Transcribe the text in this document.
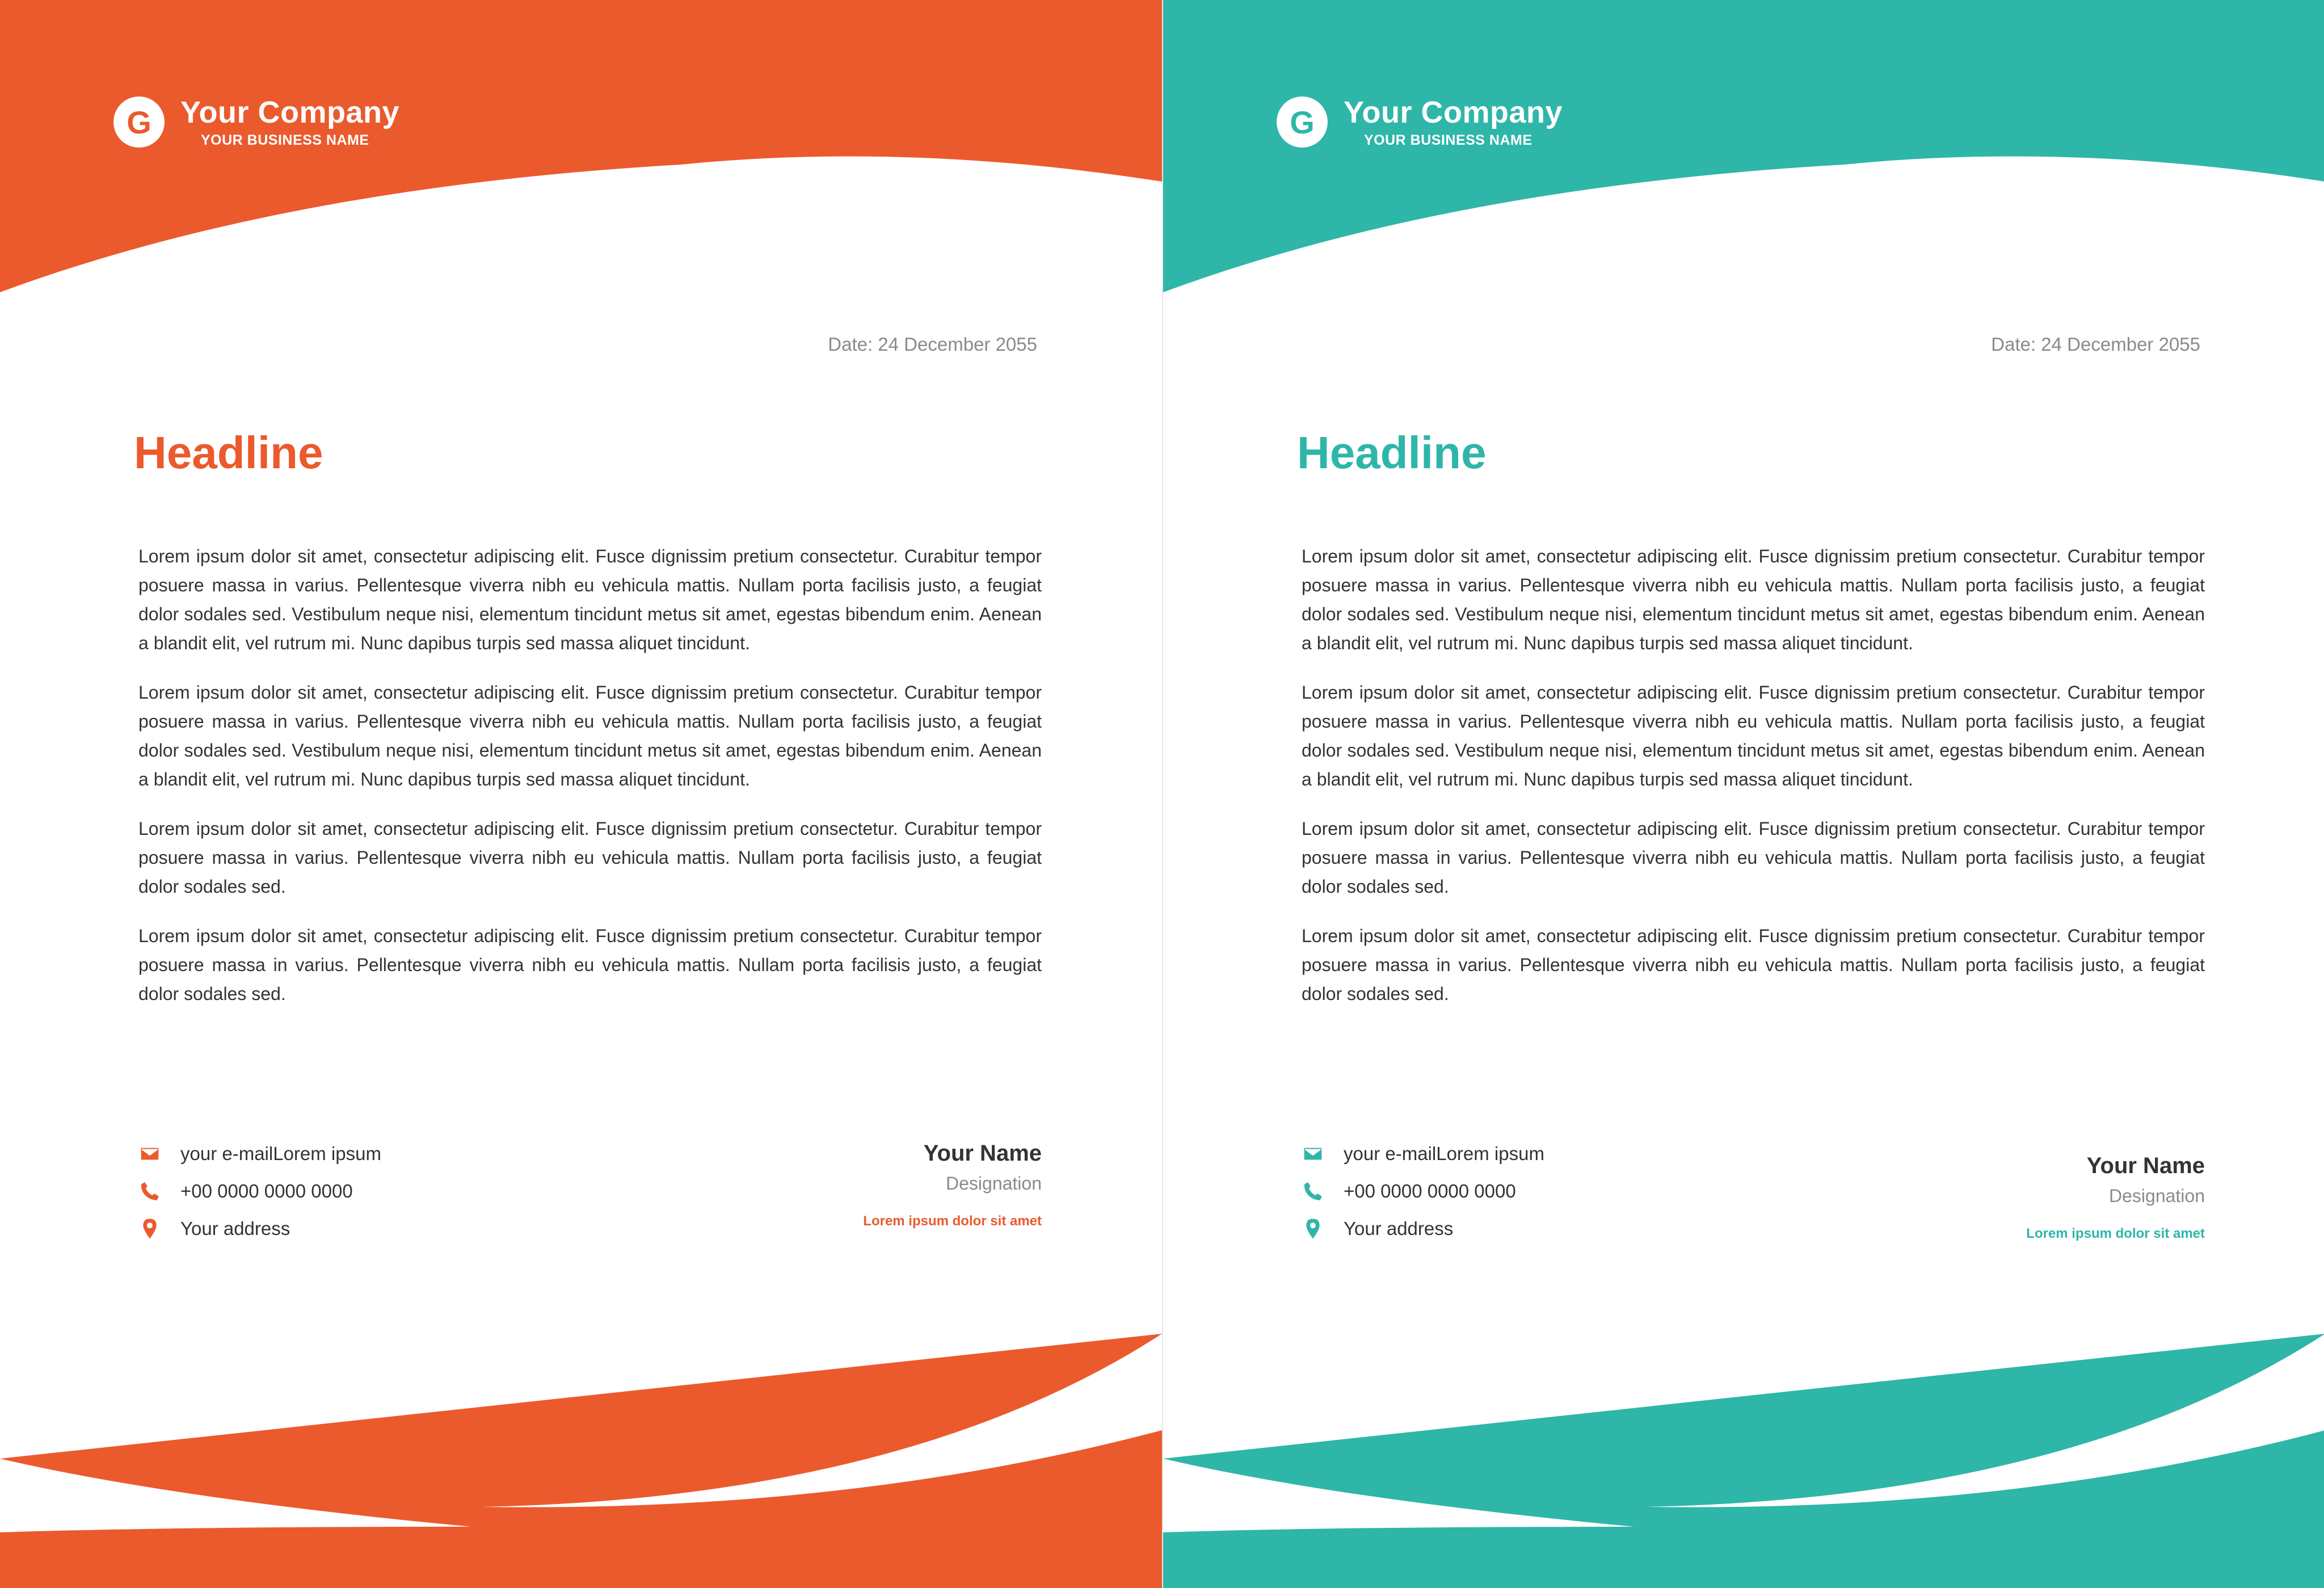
G Your Company
YOUR BUSINESS NAME
Date: 24 December 2055
Headline

Lorem ipsum dolor sit amet, consectetur adipiscing elit. Fusce dignissim pretium consectetur. Curabitur tempor posuere massa in varius. Pellentesque viverra nibh eu vehicula mattis. Nullam porta facilisis justo, a feugiat dolor sodales sed. Vestibulum neque nisi, elementum tincidunt metus sit amet, egestas bibendum enim. Aenean a blandit elit, vel rutrum mi. Nunc dapibus turpis sed massa aliquet tincidunt.

Lorem ipsum dolor sit amet, consectetur adipiscing elit. Fusce dignissim pretium consectetur. Curabitur tempor posuere massa in varius. Pellentesque viverra nibh eu vehicula mattis. Nullam porta facilisis justo, a feugiat dolor sodales sed. Vestibulum neque nisi, elementum tincidunt metus sit amet, egestas bibendum enim. Aenean a blandit elit, vel rutrum mi. Nunc dapibus turpis sed massa aliquet tincidunt.

Lorem ipsum dolor sit amet, consectetur adipiscing elit. Fusce dignissim pretium consectetur. Curabitur tempor posuere massa in varius. Pellentesque viverra nibh eu vehicula mattis. Nullam porta facilisis justo, a feugiat dolor sodales sed.

Lorem ipsum dolor sit amet, consectetur adipiscing elit. Fusce dignissim pretium consectetur. Curabitur tempor posuere massa in varius. Pellentesque viverra nibh eu vehicula mattis. Nullam porta facilisis justo, a feugiat dolor sodales sed.

your e-mailLorem ipsum
+00 0000 0000 0000
Your address
Your Name
Designation
Lorem ipsum dolor sit amet
G Your Company
YOUR BUSINESS NAME
Date: 24 December 2055
Headline

Lorem ipsum dolor sit amet, consectetur adipiscing elit. Fusce dignissim pretium consectetur. Curabitur tempor posuere massa in varius. Pellentesque viverra nibh eu vehicula mattis. Nullam porta facilisis justo, a feugiat dolor sodales sed. Vestibulum neque nisi, elementum tincidunt metus sit amet, egestas bibendum enim. Aenean a blandit elit, vel rutrum mi. Nunc dapibus turpis sed massa aliquet tincidunt.

Lorem ipsum dolor sit amet, consectetur adipiscing elit. Fusce dignissim pretium consectetur. Curabitur tempor posuere massa in varius. Pellentesque viverra nibh eu vehicula mattis. Nullam porta facilisis justo, a feugiat dolor sodales sed. Vestibulum neque nisi, elementum tincidunt metus sit amet, egestas bibendum enim. Aenean a blandit elit, vel rutrum mi. Nunc dapibus turpis sed massa aliquet tincidunt.

Lorem ipsum dolor sit amet, consectetur adipiscing elit. Fusce dignissim pretium consectetur. Curabitur tempor posuere massa in varius. Pellentesque viverra nibh eu vehicula mattis. Nullam porta facilisis justo, a feugiat dolor sodales sed.

Lorem ipsum dolor sit amet, consectetur adipiscing elit. Fusce dignissim pretium consectetur. Curabitur tempor posuere massa in varius. Pellentesque viverra nibh eu vehicula mattis. Nullam porta facilisis justo, a feugiat dolor sodales sed.

your e-mailLorem ipsum
+00 0000 0000 0000
Your address
Your Name
Designation
Lorem ipsum dolor sit amet
